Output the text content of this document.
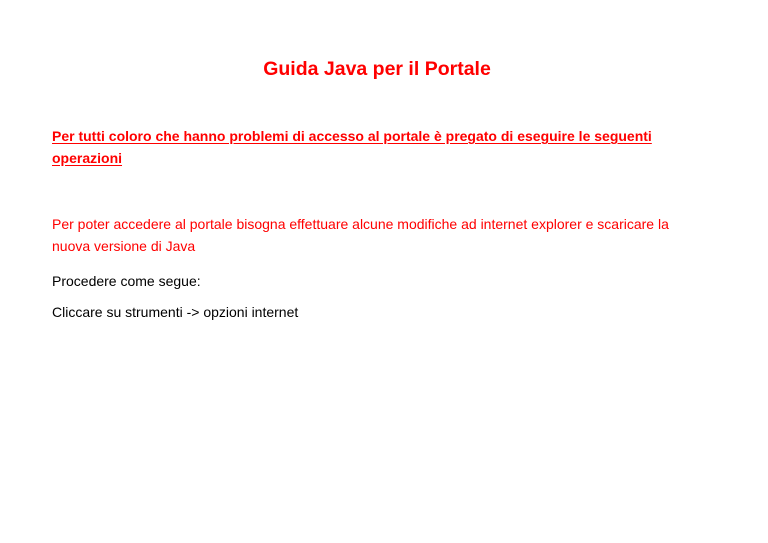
Guida Java per il Portale

Per tutti coloro che hanno problemi di accesso al portale è pregato di eseguire le seguenti operazioni

Per poter accedere al portale bisogna effettuare alcune modifiche ad internet explorer e scaricare la nuova versione di Java

Procedere come segue:

Cliccare su strumenti -> opzioni internet
